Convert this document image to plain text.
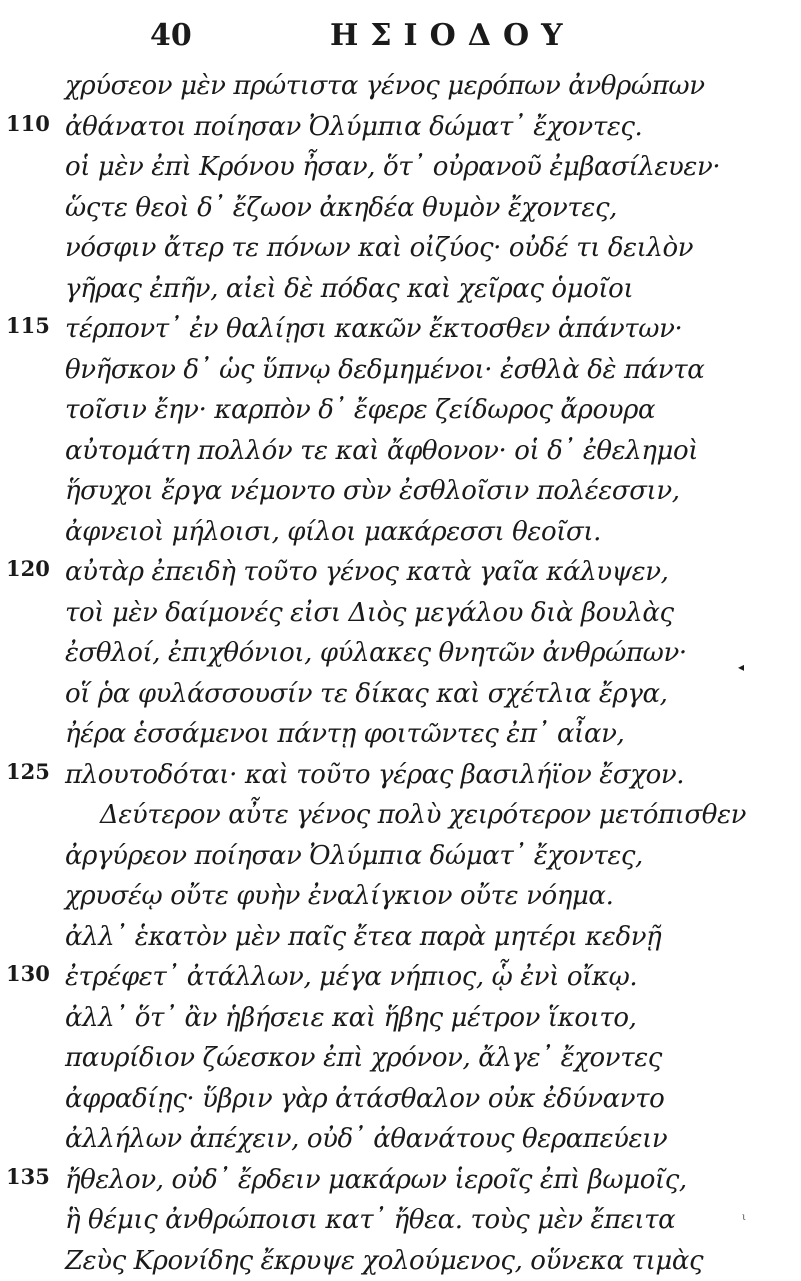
40	ΗΣΙΟΔΟΥ
χρύσεον μὲν πρώτιστα γένος μερόπων ἀνθρώπων
110 ἀθάνατοι ποίησαν Ὀλύμπια δώματ᾽ ἔχοντες.
οἱ μὲν ἐπὶ Κρόνου ἦσαν, ὅτ᾽ οὐρανοῦ ἐμβασίλευεν·
ὥςτε θεοὶ δ᾽ ἔζωον ἀκηδέα θυμὸν ἔχοντες,
νόσφιν ἄτερ τε πόνων καὶ οἰζύος· οὐδέ τι δειλὸν
γῆρας ἐπῆν, αἰεὶ δὲ πόδας καὶ χεῖρας ὁμοῖοι
115 τέρποντ᾽ ἐν θαλίῃσι κακῶν ἔκτοσθεν ἁπάντων·
θνῆσκον δ᾽ ὡς ὕπνῳ δεδμημένοι· ἐσθλὰ δὲ πάντα
τοῖσιν ἔην· καρπὸν δ᾽ ἔφερε ζείδωρος ἄρουρα
αὐτομάτη πολλόν τε καὶ ἄφθονον· οἱ δ᾽ ἐθελημοὶ
ἥσυχοι ἔργα νέμοντο σὺν ἐσθλοῖσιν πολέεσσιν,
ἀφνειοὶ μήλοισι, φίλοι μακάρεσσι θεοῖσι.
120 αὐτὰρ ἐπειδὴ τοῦτο γένος κατὰ γαῖα κάλυψεν,
τοὶ μὲν δαίμονές εἰσι Διὸς μεγάλου διὰ βουλὰς
ἐσθλοί, ἐπιχθόνιοι, φύλακες θνητῶν ἀνθρώπων·
οἵ ῥα φυλάσσουσίν τε δίκας καὶ σχέτλια ἔργα,
ἠέρα ἑσσάμενοι πάντῃ φοιτῶντες ἐπ᾽ αἶαν,
125 πλουτοδόται· καὶ τοῦτο γέρας βασιλήϊον ἔσχον.
Δεύτερον αὖτε γένος πολὺ χειρότερον μετόπισθεν
ἀργύρεον ποίησαν Ὀλύμπια δώματ᾽ ἔχοντες,
χρυσέῳ οὔτε φυὴν ἐναλίγκιον οὔτε νόημα.
ἀλλ᾽ ἑκατὸν μὲν παῖς ἔτεα παρὰ μητέρι κεδνῇ
130 ἐτρέφετ᾽ ἀτάλλων, μέγα νήπιος, ᾧ ἐνὶ οἴκῳ.
ἀλλ᾽ ὅτ᾽ ἂν ἡβήσειε καὶ ἥβης μέτρον ἵκοιτο,
παυρίδιον ζώεσκον ἐπὶ χρόνον, ἄλγε᾽ ἔχοντες
ἀφραδίῃς· ὕβριν γὰρ ἀτάσθαλον οὐκ ἐδύναντο
ἀλλήλων ἀπέχειν, οὐδ᾽ ἀθανάτους θεραπεύειν
135 ἤθελον, οὐδ᾽ ἔρδειν μακάρων ἱεροῖς ἐπὶ βωμοῖς,
ἣ θέμις ἀνθρώποισι κατ᾽ ἤθεα. τοὺς μὲν ἔπειτα
Ζεὺς Κρονίδης ἔκρυψε χολούμενος, οὕνεκα τιμὰς
◂
ι
